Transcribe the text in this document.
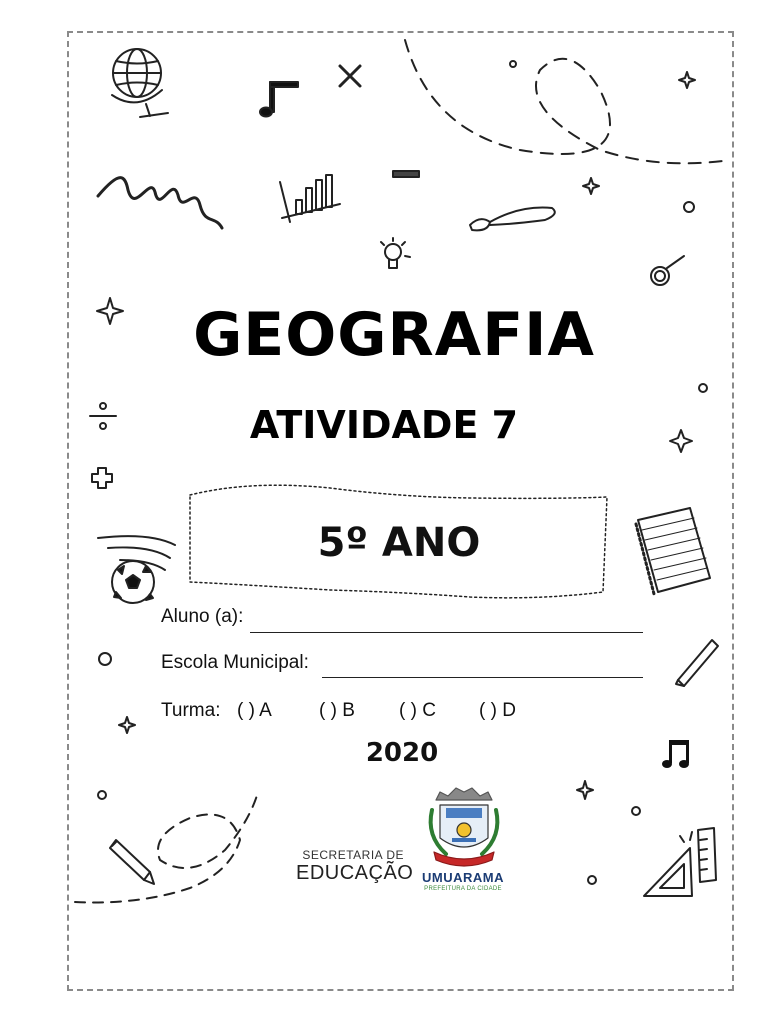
GEOGRAFIA
ATIVIDADE 7
5º ANO
Aluno (a):
Escola Municipal:
Turma: ( ) A	( ) B	( ) C	( ) D
2020
SECRETARIA DE
EDUCAÇÃO UMUARAMA
PREFEITURA DA CIDADE
